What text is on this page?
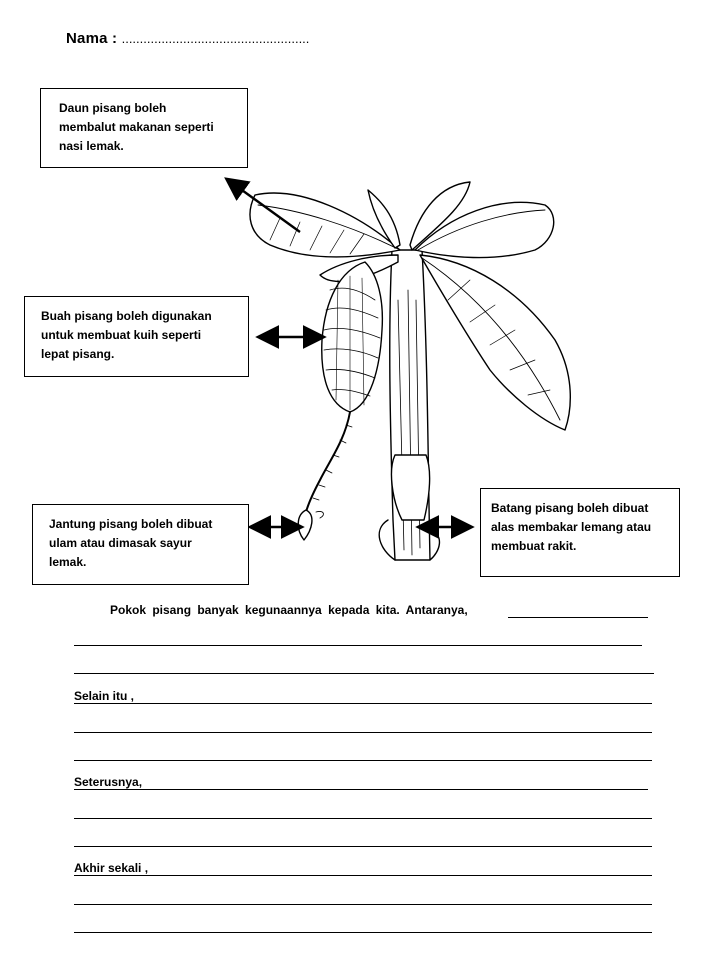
Nama : ....................................................
Daun pisang boleh
membalut makanan seperti
nasi lemak.
Buah pisang boleh digunakan
untuk membuat kuih seperti
lepat pisang.
Jantung pisang boleh dibuat
ulam atau dimasak sayur
lemak.
Batang pisang boleh dibuat
alas membakar lemang atau
membuat rakit.
Pokok pisang banyak kegunaannya kepada kita. Antaranya,
Selain itu ,
Seterusnya,
Akhir sekali ,
